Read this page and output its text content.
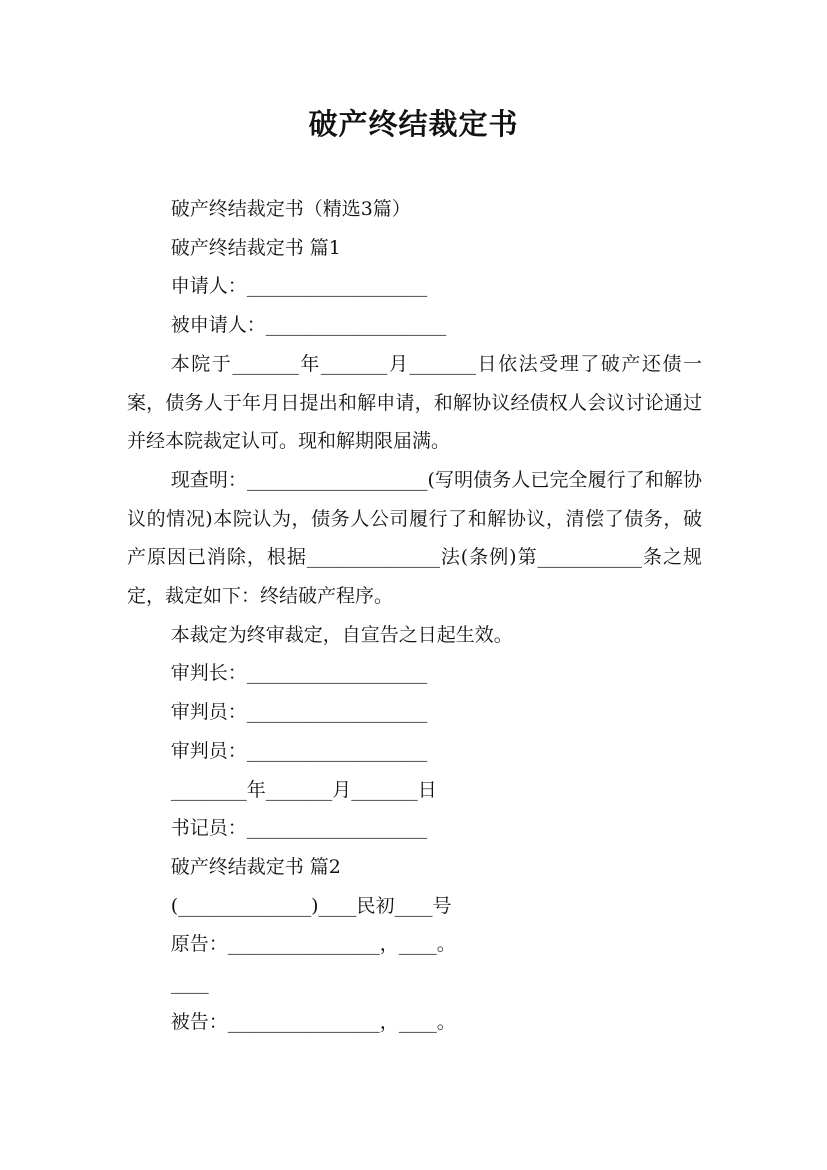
破产终结裁定书

破产终结裁定书（精选3篇）

破产终结裁定书 篇1

申请人：___________________

被申请人：___________________

本院于_______年_______月_______日依法受理了破产还债一案，债务人于年月日提出和解申请，和解协议经债权人会议讨论通过并经本院裁定认可。现和解期限届满。

现查明：___________________(写明债务人已完全履行了和解协议的情况)本院认为，债务人公司履行了和解协议，清偿了债务，破产原因已消除，根据______________法(条例)第___________条之规定，裁定如下：终结破产程序。

本裁定为终审裁定，自宣告之日起生效。

审判长：___________________

审判员：___________________

审判员：___________________

________年_______月_______日

书记员：___________________

破产终结裁定书 篇2

(______________)____民初____号

原告：________________，____。

____

被告：________________，____。
